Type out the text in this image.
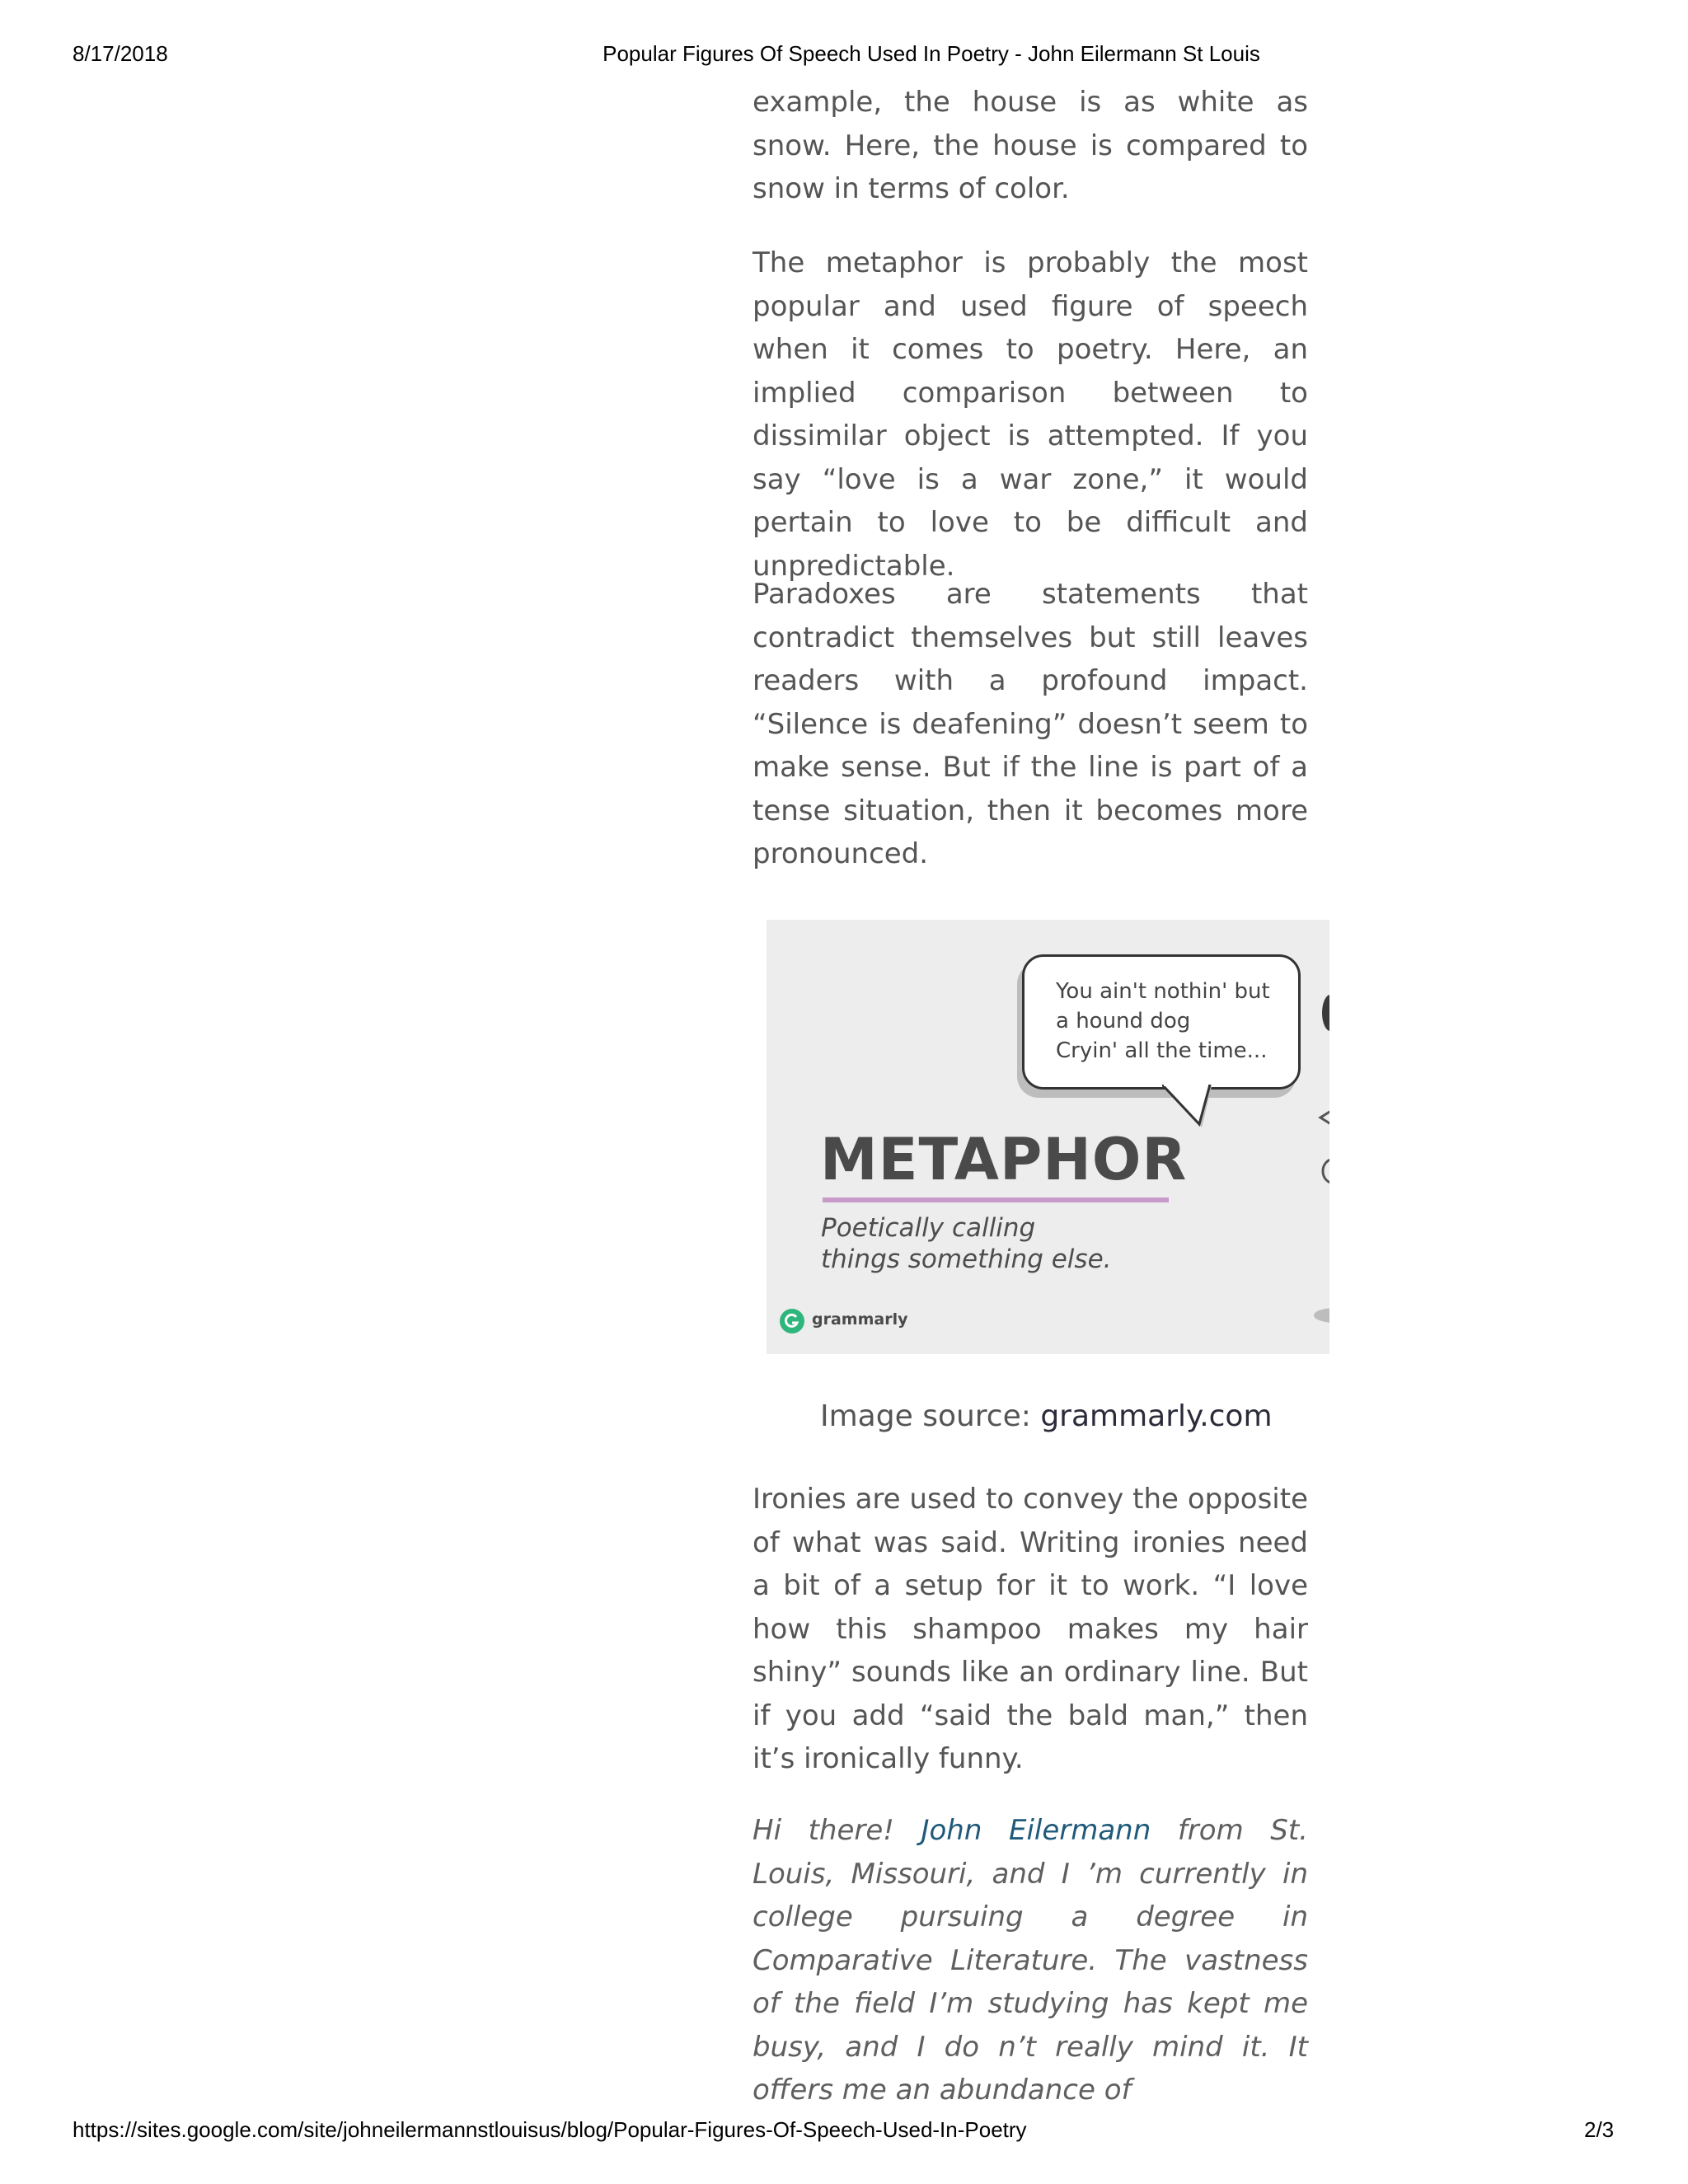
8/17/2018	Popular Figures Of Speech Used In Poetry - John Eilermann St Louis

example, the house is as white as snow. Here, the house is compared to snow in terms of color.

The metaphor is probably the most popular and used figure of speech when it comes to poetry. Here, an implied comparison between to dissimilar object is attempted. If you say “love is a war zone,” it would pertain to love to be difficult and unpredictable.

Paradoxes are statements that contradict themselves but still leaves readers with a profound impact. “Silence is deafening” doesn’t seem to make sense. But if the line is part of a tense situation, then it becomes more pronounced.

You ain't nothin' but
a hound dog
Cryin' all the time...
METAPHOR
Poetically calling
things something else.
grammarly
Image source: grammarly.com

Ironies are used to convey the opposite of what was said. Writing ironies need a bit of a setup for it to work. “I love how this shampoo makes my hair shiny” sounds like an ordinary line. But if you add “said the bald man,” then it’s ironically funny.

Hi there! John Eilermann from St. Louis, Missouri, and I ’m currently in college pursuing a degree in Comparative Literature. The vastness of the field I’m studying has kept me busy, and I do n’t really mind it. It offers me an abundance of

https://sites.google.com/site/johneilermannstlouisus/blog/Popular-Figures-Of-Speech-Used-In-Poetry	2/3
